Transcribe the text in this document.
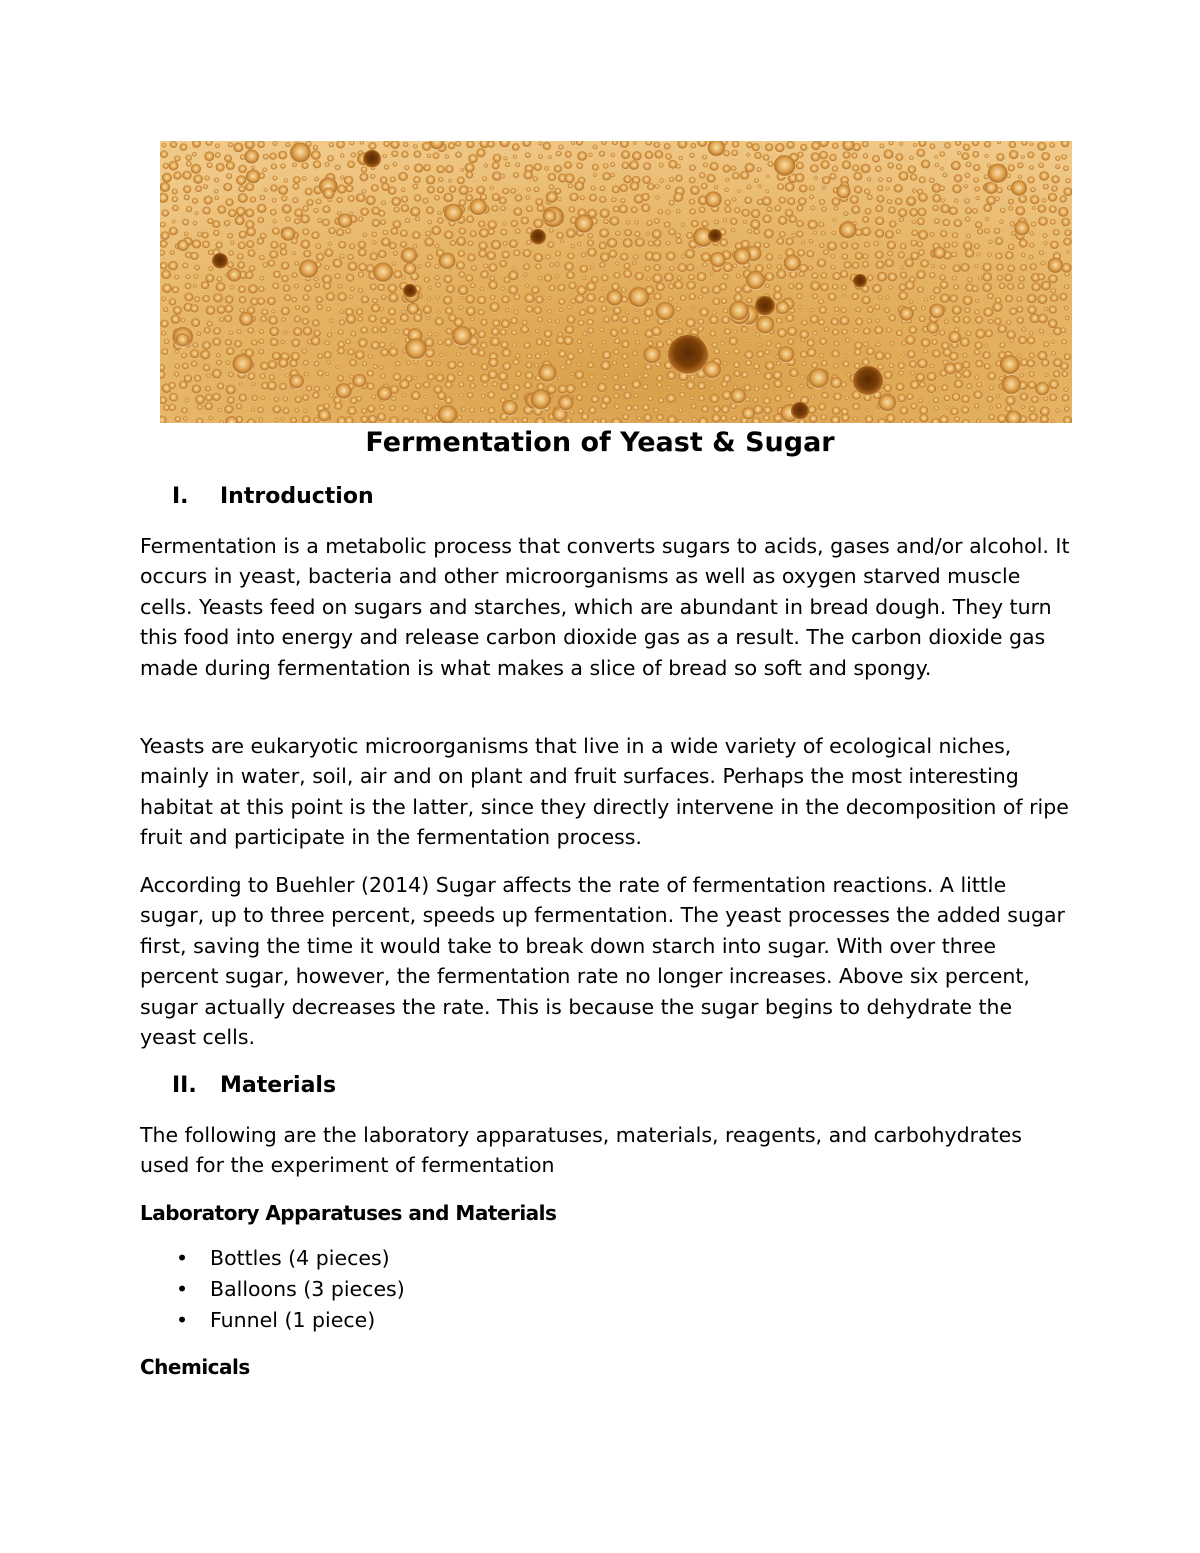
Fermentation of Yeast & Sugar
I. Introduction

Fermentation is a metabolic process that converts sugars to acids, gases and/or alcohol. It occurs in yeast, bacteria and other microorganisms as well as oxygen starved muscle cells. Yeasts feed on sugars and starches, which are abundant in bread dough. They turn this food into energy and release carbon dioxide gas as a result. The carbon dioxide gas made during fermentation is what makes a slice of bread so soft and spongy.

Yeasts are eukaryotic microorganisms that live in a wide variety of ecological niches, mainly in water, soil, air and on plant and fruit surfaces. Perhaps the most interesting habitat at this point is the latter, since they directly intervene in the decomposition of ripe fruit and participate in the fermentation process.

According to Buehler (2014) Sugar affects the rate of fermentation reactions. A little sugar, up to three percent, speeds up fermentation. The yeast processes the added sugar first, saving the time it would take to break down starch into sugar. With over three percent sugar, however, the fermentation rate no longer increases. Above six percent, sugar actually decreases the rate. This is because the sugar begins to dehydrate the yeast cells.

II. Materials

The following are the laboratory apparatuses, materials, reagents, and carbohydrates used for the experiment of fermentation

Laboratory Apparatuses and Materials
• Bottles (4 pieces)
• Balloons (3 pieces)
• Funnel (1 piece)
Chemicals
